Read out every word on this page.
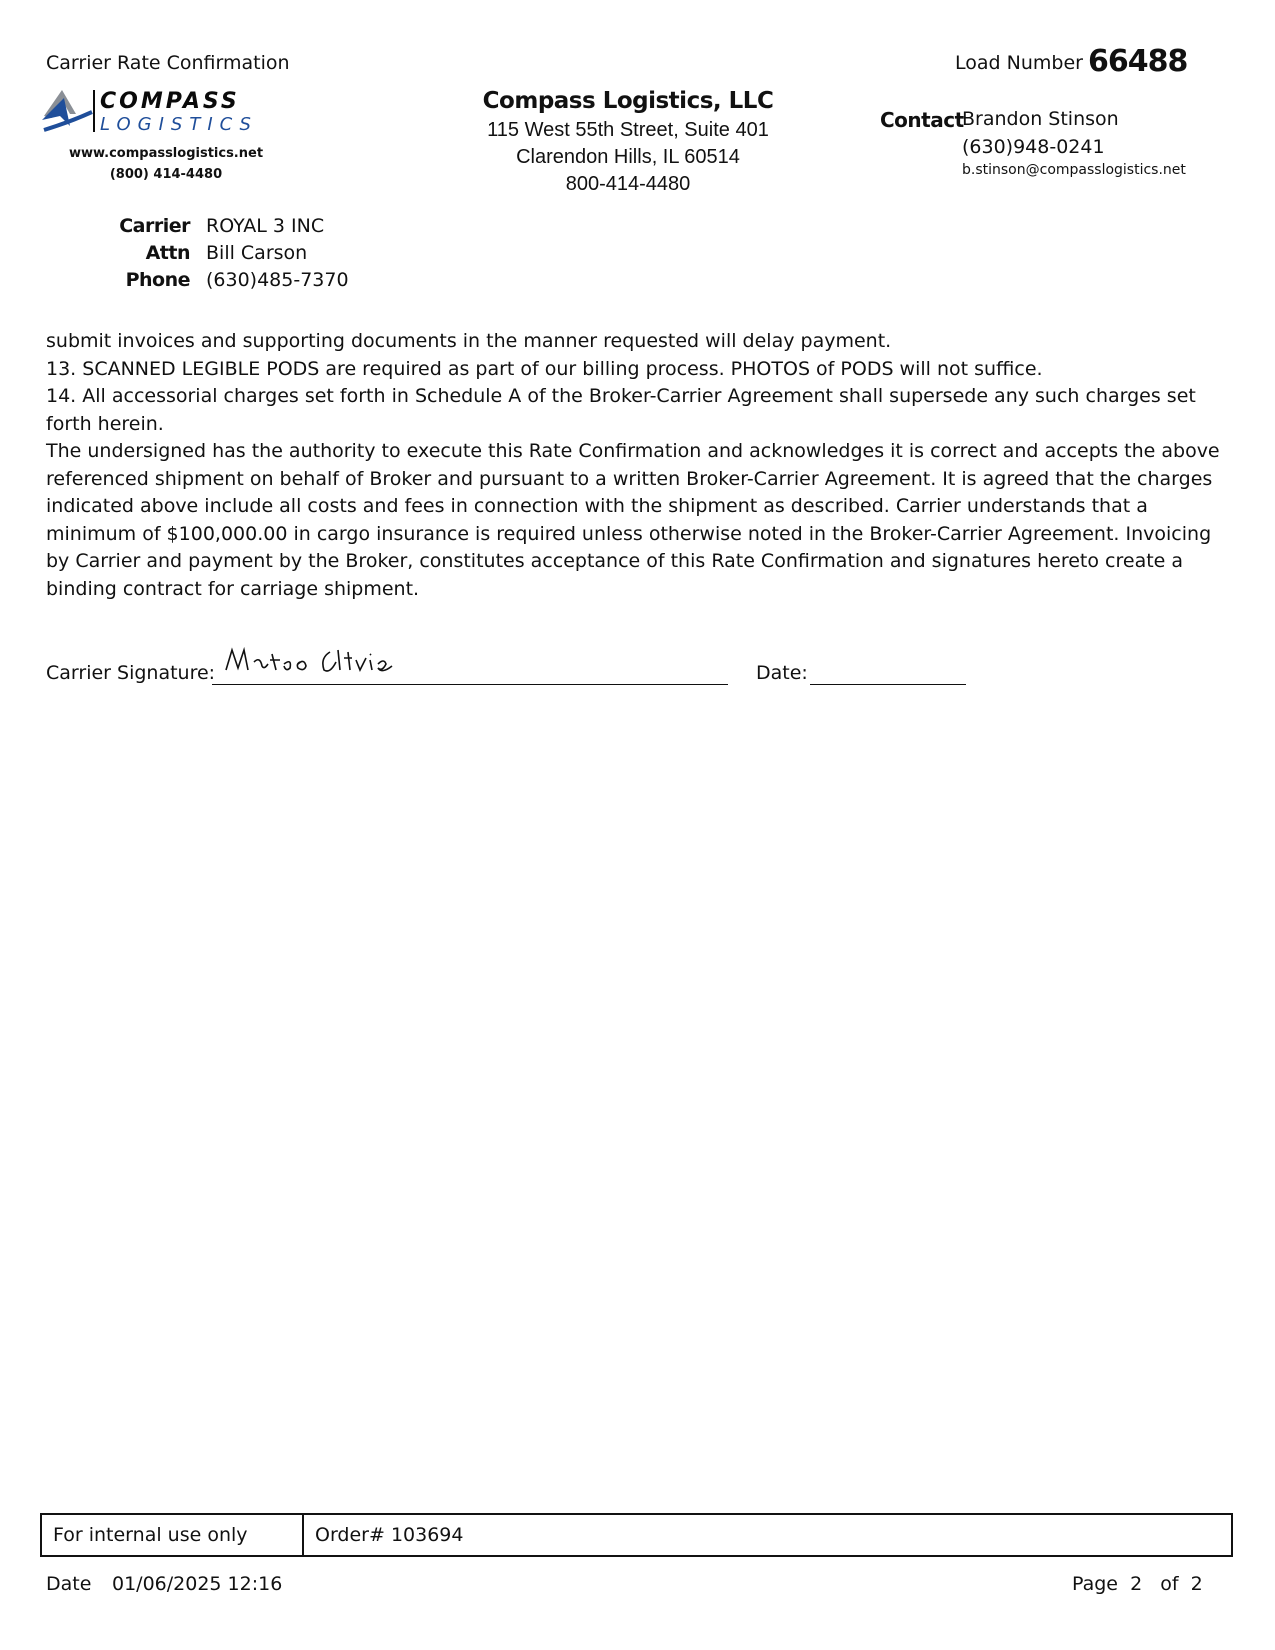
Carrier Rate Confirmation	Load Number 66488
COMPASS
LOGISTICS
www.compasslogistics.net
(800) 414-4480
Compass Logistics, LLC
115 West 55th Street, Suite 401
Clarendon Hills, IL 60514
800-414-4480
Contact
Brandon Stinson
(630)948-0241
b.stinson@compasslogistics.net
Carrier ROYAL 3 INC
Attn Bill Carson
Phone (630)485-7370

submit invoices and supporting documents in the manner requested will delay payment.

13. SCANNED LEGIBLE PODS are required as part of our billing process. PHOTOS of PODS will not suffice.

14. All accessorial charges set forth in Schedule A of the Broker-Carrier Agreement shall supersede any such charges set forth herein.

The undersigned has the authority to execute this Rate Confirmation and acknowledges it is correct and accepts the above referenced shipment on behalf of Broker and pursuant to a written Broker-Carrier Agreement. It is agreed that the charges indicated above include all costs and fees in connection with the shipment as described. Carrier understands that a minimum of $100,000.00 in cargo insurance is required unless otherwise noted in the Broker-Carrier Agreement. Invoicing by Carrier and payment by the Broker, constitutes acceptance of this Rate Confirmation and signatures hereto create a binding contract for carriage shipment.

Carrier Signature:	Date:
For internal use only	Order# 103694
Date 01/06/2025 12:16	Page  2   of  2
